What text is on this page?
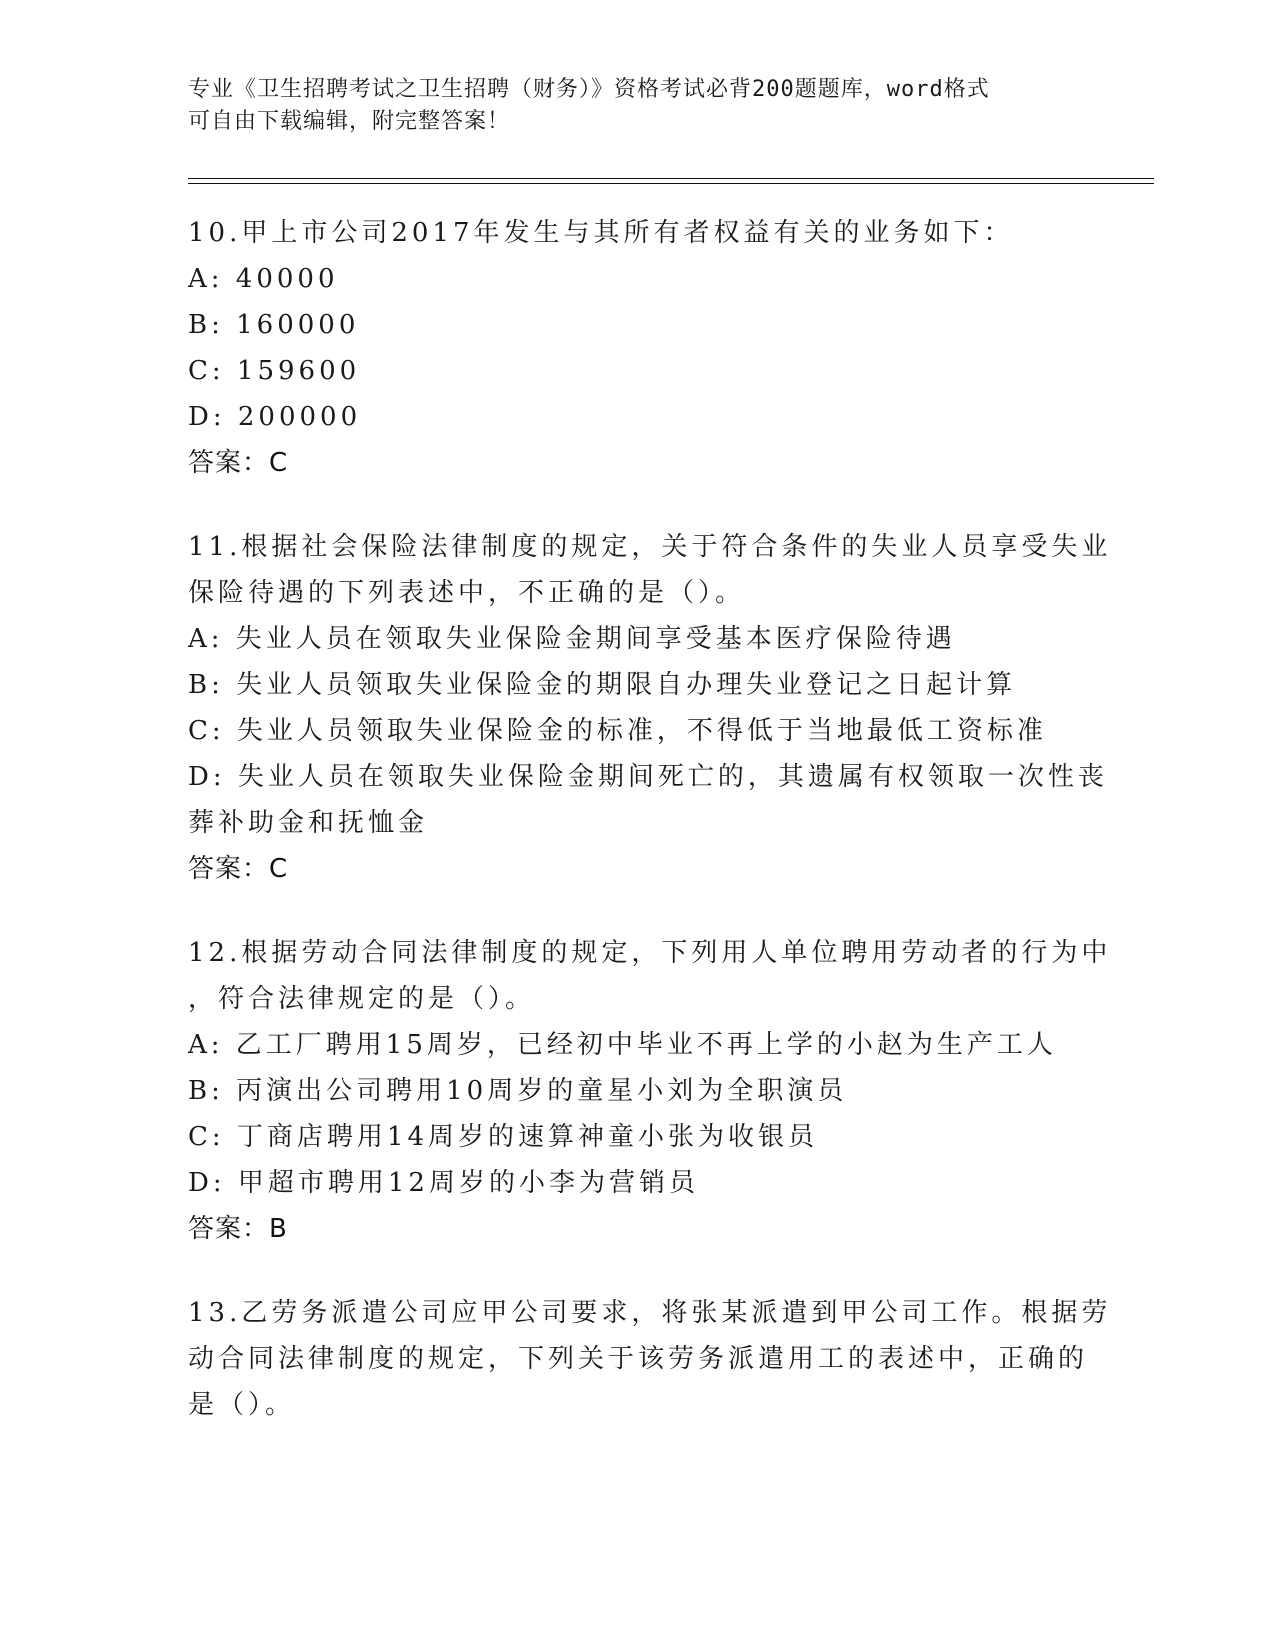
专业《卫生招聘考试之卫生招聘（财务）》资格考试必背200题题库，word格式
可自由下载编辑，附完整答案！
10.甲上市公司2017年发生与其所有者权益有关的业务如下：
A: 40000
B: 160000
C: 159600
D: 200000
答案：C
11.根据社会保险法律制度的规定，关于符合条件的失业人员享受失业
保险待遇的下列表述中，不正确的是（）。
A: 失业人员在领取失业保险金期间享受基本医疗保险待遇
B: 失业人员领取失业保险金的期限自办理失业登记之日起计算
C: 失业人员领取失业保险金的标准，不得低于当地最低工资标准
D: 失业人员在领取失业保险金期间死亡的，其遗属有权领取一次性丧
葬补助金和抚恤金
答案：C
12.根据劳动合同法律制度的规定，下列用人单位聘用劳动者的行为中
，符合法律规定的是（）。
A: 乙工厂聘用15周岁，已经初中毕业不再上学的小赵为生产工人
B: 丙演出公司聘用10周岁的童星小刘为全职演员
C: 丁商店聘用14周岁的速算神童小张为收银员
D: 甲超市聘用12周岁的小李为营销员
答案：B
13.乙劳务派遣公司应甲公司要求，将张某派遣到甲公司工作。根据劳
动合同法律制度的规定，下列关于该劳务派遣用工的表述中，正确的
是（）。
